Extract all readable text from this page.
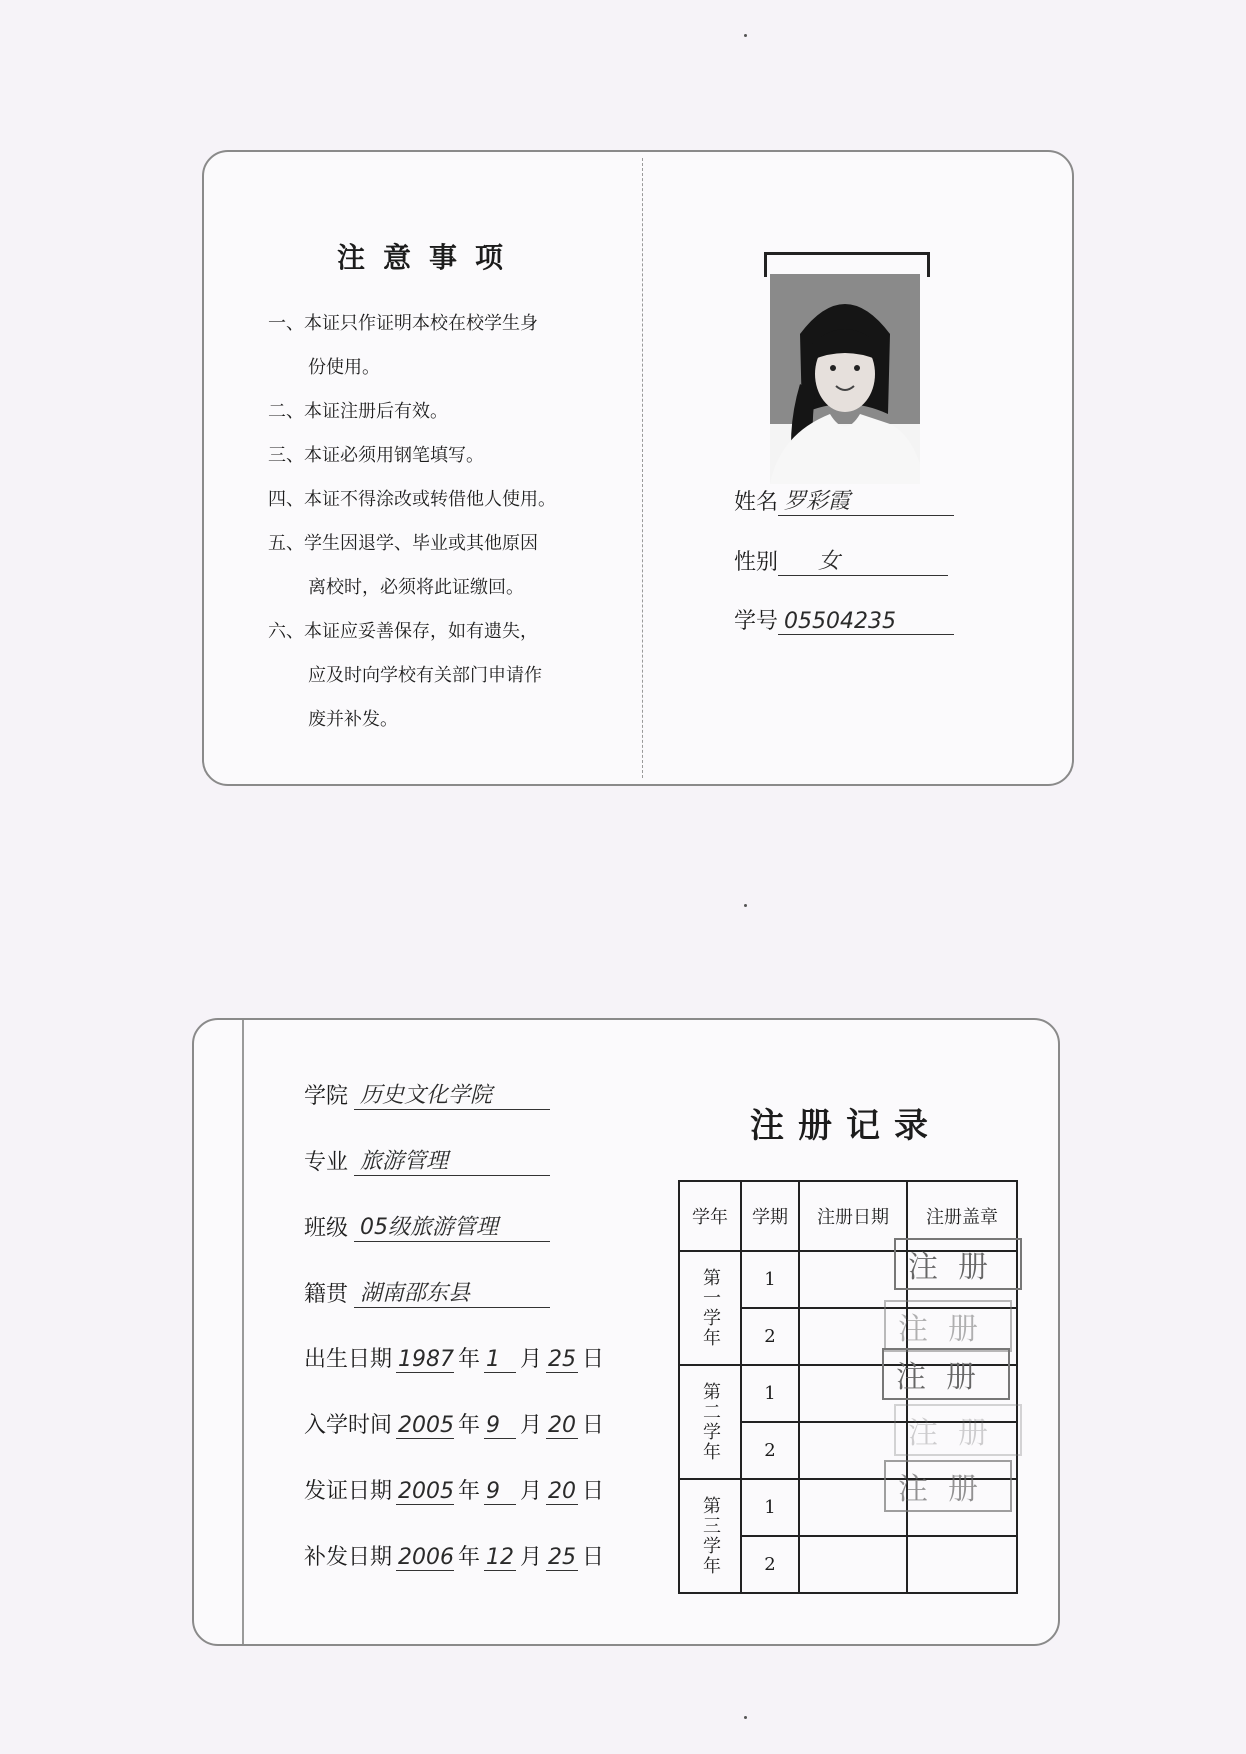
注意事项
一、本证只作证明本校在校学生身
份使用。
二、本证注册后有效。
三、本证必须用钢笔填写。
四、本证不得涂改或转借他人使用。
五、学生因退学、毕业或其他原因
离校时，必须将此证缴回。
六、本证应妥善保存，如有遗失，
应及时向学校有关部门申请作
废并补发。
姓名 罗彩霞
性别 女
学号 05504235
学院 历史文化学院
专业 旅游管理
班级 05级旅游管理
籍贯 湖南邵东县
出生日期 1987 年 1 月 25 日
入学时间 2005 年 9 月 20 日
发证日期 2005 年 9 月 20 日
补发日期 2006 年 12 月 25 日
注册记录
学年	学期	注册日期	注册盖章
第一学年	1		
	2		
第二学年	1		
	2		
第三学年	1		
	2		
注册
注册
注册
注册
注册
